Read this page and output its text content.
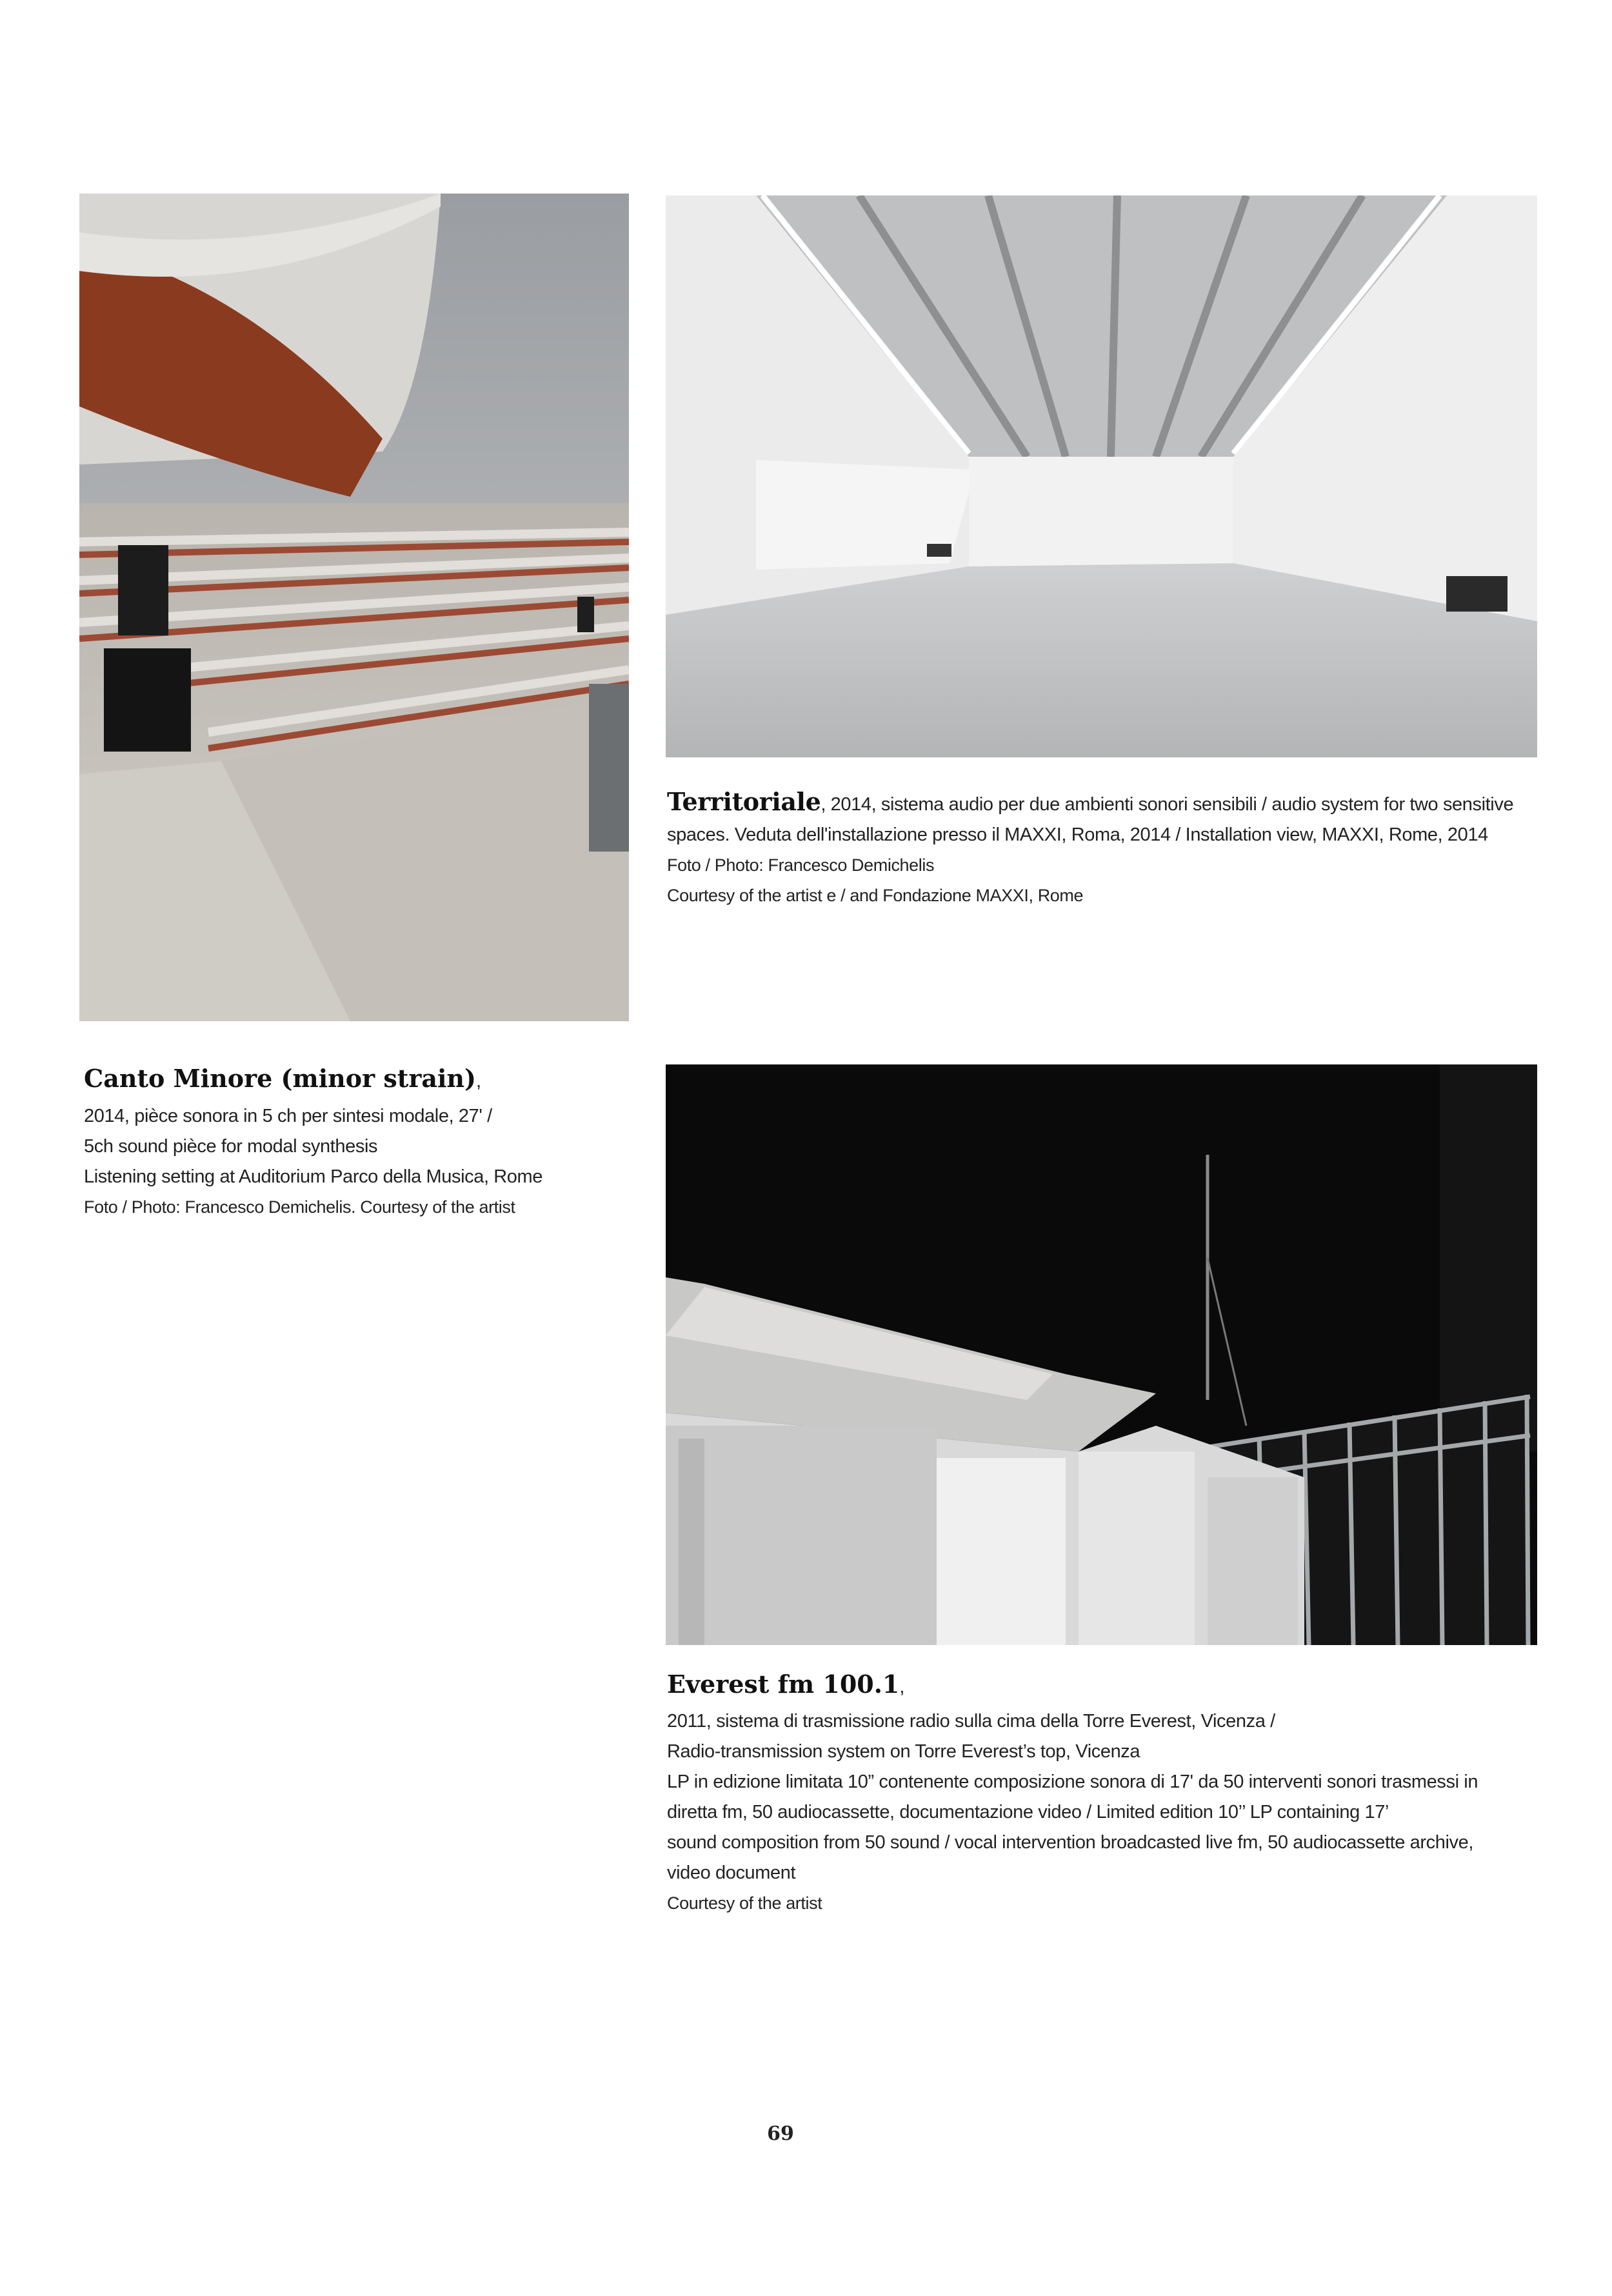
Territoriale, 2014, sistema audio per due ambienti sonori sensibili / audio system for two sensitive
spaces. Veduta dell'installazione presso il MAXXI, Roma, 2014 / Installation view, MAXXI, Rome, 2014
Foto / Photo: Francesco Demichelis
Courtesy of the artist e / and Fondazione MAXXI, Rome
Canto Minore (minor strain),
2014, pièce sonora in 5 ch per sintesi modale, 27' /
5ch sound pièce for modal synthesis
Listening setting at Auditorium Parco della Musica, Rome
Foto / Photo: Francesco Demichelis. Courtesy of the artist
Everest fm 100.1,
2011, sistema di trasmissione radio sulla cima della Torre Everest, Vicenza /
Radio-transmission system on Torre Everest’s top, Vicenza
LP in edizione limitata 10” contenente composizione sonora di 17' da 50 interventi sonori trasmessi in
diretta fm, 50 audiocassette, documentazione video / Limited edition 10’’ LP containing 17’
sound composition from 50 sound / vocal intervention broadcasted live fm, 50 audiocassette archive,
video document
Courtesy of the artist
69
